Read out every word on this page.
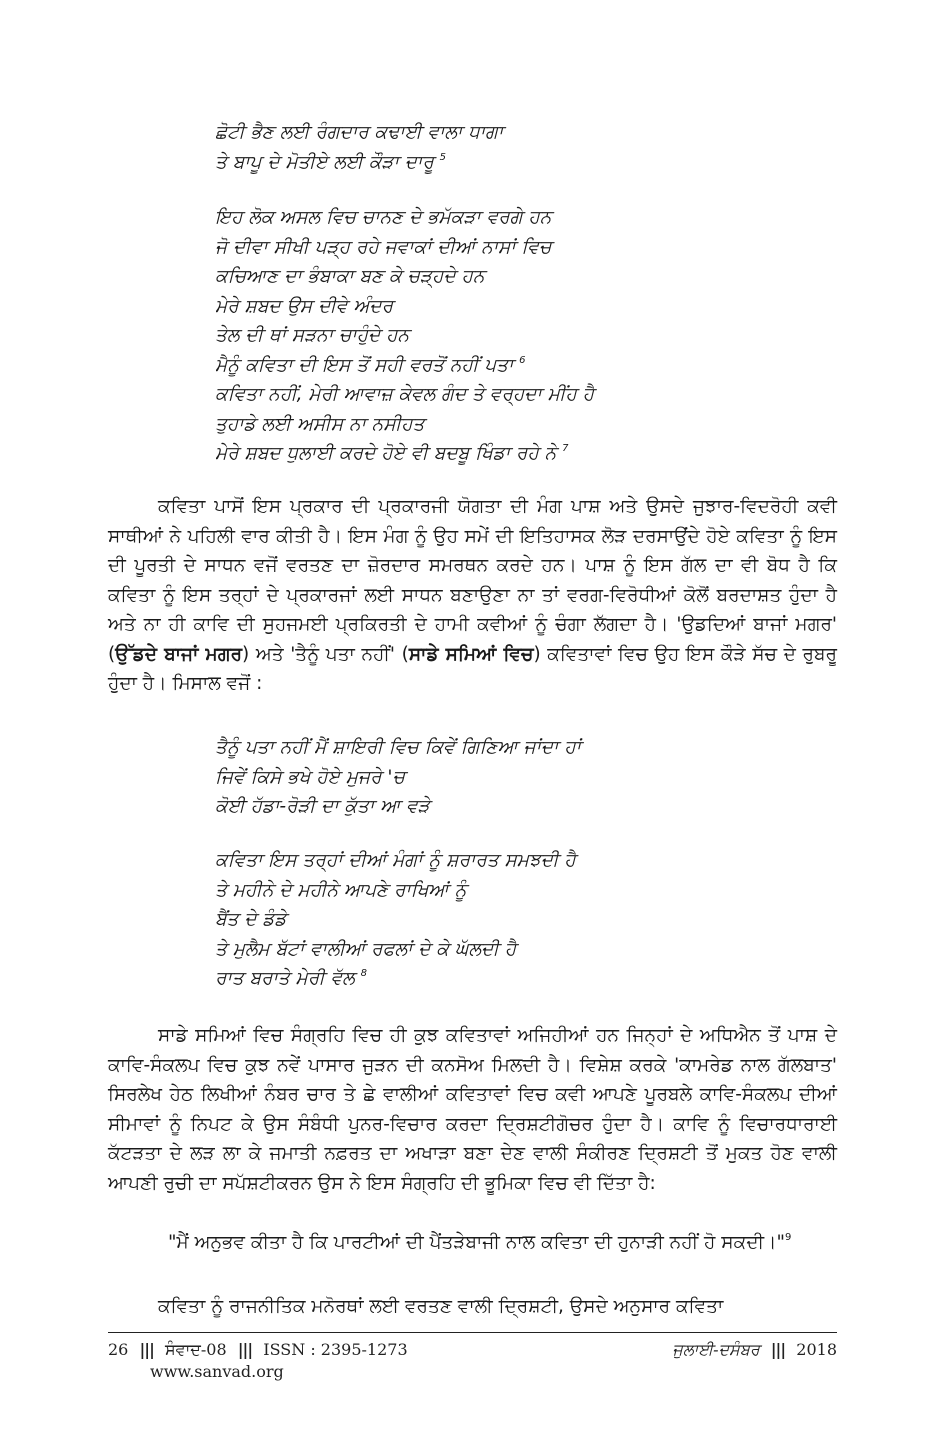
ਛੋਟੀ ਭੈਣ ਲਈ ਰੰਗਦਾਰ ਕਢਾਈ ਵਾਲਾ ਧਾਗਾ
ਤੇ ਬਾਪੂ ਦੇ ਮੋਤੀਏ ਲਈ ਕੌੜਾ ਦਾਰੂ $^5$
ਇਹ ਲੋਕ ਅਸਲ ਵਿਚ ਚਾਨਣ ਦੇ ਭਮੱਕੜਾ ਵਰਗੇ ਹਨ
ਜੋ ਦੀਵਾ ਸੀਖੀ ਪੜ੍ਹ ਰਹੇ ਜਵਾਕਾਂ ਦੀਆਂ ਨਾਸਾਂ ਵਿਚ
ਕਚਿਆਣ ਦਾ ਭੰਬਾਕਾ ਬਣ ਕੇ ਚੜ੍ਹਦੇ ਹਨ
ਮੇਰੇ ਸ਼ਬਦ ਉਸ ਦੀਵੇ ਅੰਦਰ
ਤੇਲ ਦੀ ਥਾਂ ਸੜਨਾ ਚਾਹੁੰਦੇ ਹਨ
ਮੈਨੂੰ ਕਵਿਤਾ ਦੀ ਇਸ ਤੋਂ ਸਹੀ ਵਰਤੋਂ ਨਹੀਂ ਪਤਾ $^6$
ਕਵਿਤਾ ਨਹੀਂ, ਮੇਰੀ ਆਵਾਜ਼ ਕੇਵਲ ਗੰਦ ਤੇ ਵਰ੍ਹਦਾ ਮੀਂਹ ਹੈ
ਤੁਹਾਡੇ ਲਈ ਅਸੀਸ ਨਾ ਨਸੀਹਤ
ਮੇਰੇ ਸ਼ਬਦ ਧੁਲਾਈ ਕਰਦੇ ਹੋਏ ਵੀ ਬਦਬੂ ਖਿੰਡਾ ਰਹੇ ਨੇ $^7$
ਕਵਿਤਾ ਪਾਸੋਂ ਇਸ ਪ੍ਰਕਾਰ ਦੀ ਪ੍ਰਕਾਰਜੀ ਯੋਗਤਾ ਦੀ ਮੰਗ ਪਾਸ਼ ਅਤੇ ਉਸਦੇ ਜੁਝਾਰ-ਵਿਦਰੋਹੀ ਕਵੀ ਸਾਥੀਆਂ ਨੇ ਪਹਿਲੀ ਵਾਰ ਕੀਤੀ ਹੈ। ਇਸ ਮੰਗ ਨੂੰ ਉਹ ਸਮੇਂ ਦੀ ਇਤਿਹਾਸਕ ਲੋੜ ਦਰਸਾਉਂਦੇ ਹੋਏ ਕਵਿਤਾ ਨੂੰ ਇਸ ਦੀ ਪੂਰਤੀ ਦੇ ਸਾਧਨ ਵਜੋਂ ਵਰਤਣ ਦਾ ਜ਼ੋਰਦਾਰ ਸਮਰਥਨ ਕਰਦੇ ਹਨ। ਪਾਸ਼ ਨੂੰ ਇਸ ਗੱਲ ਦਾ ਵੀ ਬੋਧ ਹੈ ਕਿ ਕਵਿਤਾ ਨੂੰ ਇਸ ਤਰ੍ਹਾਂ ਦੇ ਪ੍ਰਕਾਰਜਾਂ ਲਈ ਸਾਧਨ ਬਣਾਉਣਾ ਨਾ ਤਾਂ ਵਰਗ-ਵਿਰੋਧੀਆਂ ਕੋਲੋਂ ਬਰਦਾਸ਼ਤ ਹੁੰਦਾ ਹੈ ਅਤੇ ਨਾ ਹੀ ਕਾਵਿ ਦੀ ਸੁਹਜਮਈ ਪ੍ਰਕਿਰਤੀ ਦੇ ਹਾਮੀ ਕਵੀਆਂ ਨੂੰ ਚੰਗਾ ਲੱਗਦਾ ਹੈ। 'ਉਡਦਿਆਂ ਬਾਜਾਂ ਮਗਰ' (ਉੱਡਦੇ ਬਾਜਾਂ ਮਗਰ) ਅਤੇ 'ਤੈਨੂੰ ਪਤਾ ਨਹੀਂ' (ਸਾਡੇ ਸਮਿਆਂ ਵਿਚ) ਕਵਿਤਾਵਾਂ ਵਿਚ ਉਹ ਇਸ ਕੌੜੇ ਸੱਚ ਦੇ ਰੁਬਰੂ ਹੁੰਦਾ ਹੈ। ਮਿਸਾਲ ਵਜੋਂ :
ਤੈਨੂੰ ਪਤਾ ਨਹੀਂ ਮੈਂ ਸ਼ਾਇਰੀ ਵਿਚ ਕਿਵੇਂ ਗਿਣਿਆ ਜਾਂਦਾ ਹਾਂ
ਜਿਵੇਂ ਕਿਸੇ ਭਖੇ ਹੋਏ ਮੁਜਰੇ 'ਚ
ਕੋਈ ਹੱਡਾ-ਰੋੜੀ ਦਾ ਕੁੱਤਾ ਆ ਵੜੇ
ਕਵਿਤਾ ਇਸ ਤਰ੍ਹਾਂ ਦੀਆਂ ਮੰਗਾਂ ਨੂੰ ਸ਼ਰਾਰਤ ਸਮਝਦੀ ਹੈ
ਤੇ ਮਹੀਨੇ ਦੇ ਮਹੀਨੇ ਆਪਣੇ ਰਾਖਿਆਂ ਨੂੰ
ਬੈਂਤ ਦੇ ਡੰਡੇ
ਤੇ ਮੁਲੈਮ ਬੱਟਾਂ ਵਾਲੀਆਂ ਰਫਲਾਂ ਦੇ ਕੇ ਘੱਲਦੀ ਹੈ
ਰਾਤ ਬਰਾਤੇ ਮੇਰੀ ਵੱਲ $^8$
ਸਾਡੇ ਸਮਿਆਂ ਵਿਚ ਸੰਗ੍ਰਹਿ ਵਿਚ ਹੀ ਕੁਝ ਕਵਿਤਾਵਾਂ ਅਜਿਹੀਆਂ ਹਨ ਜਿਨ੍ਹਾਂ ਦੇ ਅਧਿਐਨ ਤੋਂ ਪਾਸ਼ ਦੇ ਕਾਵਿ-ਸੰਕਲਪ ਵਿਚ ਕੁਝ ਨਵੇਂ ਪਾਸਾਰ ਜੁੜਨ ਦੀ ਕਨਸੋਅ ਮਿਲਦੀ ਹੈ। ਵਿਸ਼ੇਸ਼ ਕਰਕੇ 'ਕਾਮਰੇਡ ਨਾਲ ਗੱਲਬਾਤ' ਸਿਰਲੇਖ ਹੇਠ ਲਿਖੀਆਂ ਨੰਬਰ ਚਾਰ ਤੇ ਛੇ ਵਾਲੀਆਂ ਕਵਿਤਾਵਾਂ ਵਿਚ ਕਵੀ ਆਪਣੇ ਪੂਰਬਲੇ ਕਾਵਿ-ਸੰਕਲਪ ਦੀਆਂ ਸੀਮਾਵਾਂ ਨੂੰ ਨਿਪਟ ਕੇ ਉਸ ਸੰਬੰਧੀ ਪੁਨਰ-ਵਿਚਾਰ ਕਰਦਾ ਦ੍ਰਿਸ਼ਟੀਗੋਚਰ ਹੁੰਦਾ ਹੈ। ਕਾਵਿ ਨੂੰ ਵਿਚਾਰਧਾਰਾਈ ਕੱਟੜਤਾ ਦੇ ਲੜ ਲਾ ਕੇ ਜਮਾਤੀ ਨਫ਼ਰਤ ਦਾ ਅਖਾੜਾ ਬਣਾ ਦੇਣ ਵਾਲੀ ਸੰਕੀਰਣ ਦ੍ਰਿਸ਼ਟੀ ਤੋਂ ਮੁਕਤ ਹੋਣ ਵਾਲੀ ਆਪਣੀ ਰੁਚੀ ਦਾ ਸਪੱਸ਼ਟੀਕਰਨ ਉਸ ਨੇ ਇਸ ਸੰਗ੍ਰਹਿ ਦੀ ਭੂਮਿਕਾ ਵਿਚ ਵੀ ਦਿੱਤਾ ਹੈ:
"ਮੈਂ ਅਨੁਭਵ ਕੀਤਾ ਹੈ ਕਿ ਪਾਰਟੀਆਂ ਦੀ ਪੈਂਤੜੇਬਾਜੀ ਨਾਲ ਕਵਿਤਾ ਦੀ ਹੁਨਾੜੀ ਨਹੀਂ ਹੋ ਸਕਦੀ।"$^9$
ਕਵਿਤਾ ਨੂੰ ਰਾਜਨੀਤਿਕ ਮਨੋਰਥਾਂ ਲਈ ਵਰਤਣ ਵਾਲੀ ਦ੍ਰਿਸ਼ਟੀ, ਉਸਦੇ ਅਨੁਸਾਰ ਕਵਿਤਾ
26 ||| ਸੰਵਾਦ-08 ||| ISSN : 2395-1273
www.sanvad.org
ਜੁਲਾਈ-ਦਸੰਬਰ ||| 2018
